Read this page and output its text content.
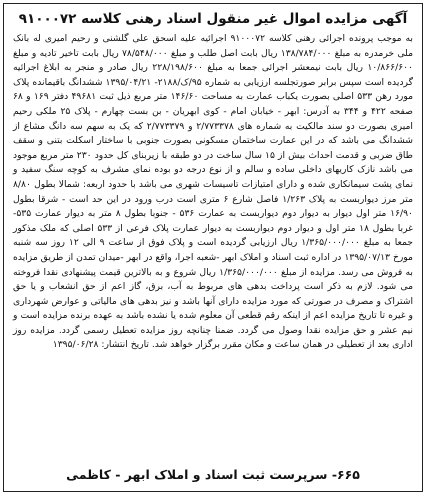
آگهی مزایده اموال غیر منقول اسناد رهنی کلاسه ۹۱۰۰۰۷۲
به موجب پرونده اجرائی رهنی کلاسه ۹۱۰۰۰۷۲ اجرائیه علیه اسحق علی گلشنی و رحیم امیری له بانک ملی خرمدره به مبلغ ۱۳۸/۷۸۴/۰۰۰ ریال بابت اصل طلب و مبلغ ۷۸/۵۴۸/۰۰۰ ریال بابت تاخیر تادیه و مبلغ ۱۰/۸۶۶/۶۰۰ ریال بابت نیمعشر اجرائی جمعا به مبلغ ۲۲۸/۱۹۸/۶۰۰ ریال صادر و منجر به ابلاغ اجرائیه گردیده است سپس برابر صورتجلسه ارزیابی به شماره ۹۵/ک/۲۱۸۸- ۱۳۹۵/۰۴/۲۱ ششدانگ باقیمانده پلاک مورد رهن ۵۳۳ اصلی بصورت یکباب عمارت به مساحت ۱۴۶/۶۰ متر مربع ذیل ثبت ۴۹۶۸۱ دفتر ۱۶۹ و ۶۸ صفحه ۴۲۲ و ۳۴۴ به آدرس: ابهر - خیابان امام - کوی ابهریان - بن بست چهارم - پلاک ۲۵ ملکی رحیم امیری بصورت دو سند مالکیت به شماره های ۲/۷۷۳۳۷۸ و ۲/۷۷۳۳۷۹ که یک به سهم سه دانگ مشاع از ششدانگ می باشد که در این عمارت ساختمان مسکونی بصورت جنوبی با ساختار اسکلت بتنی و سقف طاق ضربی و قدمت احداث بیش از ۱۵ سال ساخت در دو طبقه با زیربنای کل حدود ۲۳۰ متر مربع موجود می باشد نازک کاریهای داخلی ساده و سالم و از نوع درجه دو بوده نمای مشرف به کوچه سنگ سفید و نمای پشت سیمانکاری شده و دارای امتیازات تاسیسات شهری می باشد با حدود اربعه: شمالا بطول ۸/۸۰ متر مرز دیواربست به پلاک ۱/۲۶۳ فاصل شارع ۶ متری است درب ورود در این حد است - شرقا بطول ۱۶/۹۰ متر اول دیوار به دیوار دوم دیواربست به عمارت ۵۳۶ - جنوبا بطول ۸ متر به دیوار عمارت ۵۳۵- غربا بطول ۱۸ متر اول و دیوار دوم دیواربست به دیوار عمارت پلاک فرعی از ۵۳۳ اصلی که ملک مذکور جمعا به مبلغ ۱/۳۶۵/۰۰۰/۰۰۰ ریال ارزیابی گردیده است و پلاک فوق از ساعت ۹ الی ۱۲ روز سه شنبه مورخ ۱۳۹۵/۰۷/۱۳ در اداره ثبت اسناد و املاک ابهر -شعبه اجرا، واقع در ابهر -میدان تمدن از طریق مزایده به فروش می رسد. مزایده از مبلغ ۱/۳۶۵/۰۰۰/۰۰۰ ریال شروع و به بالاترین قیمت پیشنهادی نقدا فروخته می شود. لازم به ذکر است پرداخت بدهی های مربوط به آب، برق، گاز اعم از حق انشعاب و یا حق اشتراک و مصرف در صورتی که مورد مزایده دارای آنها باشد و نیز بدهی های مالیاتی و عوارض شهرداری و غیره تا تاریخ مزایده اعم از اینکه رقم قطعی آن معلوم شده یا نشده باشد به عهده برنده مزایده است و نیم عشر و حق مزایده نقدا وصول می گردد. ضمنا چنانچه روز مزایده تعطیل رسمی گردد. مزایده روز اداری بعد از تعطیلی در همان ساعت و مکان مقرر برگزار خواهد شد. تاریخ انتشار: ۱۳۹۵/۰۶/۲۸
۶۶۵- سرپرست ثبت اسناد و املاک ابهر - کاظمی
